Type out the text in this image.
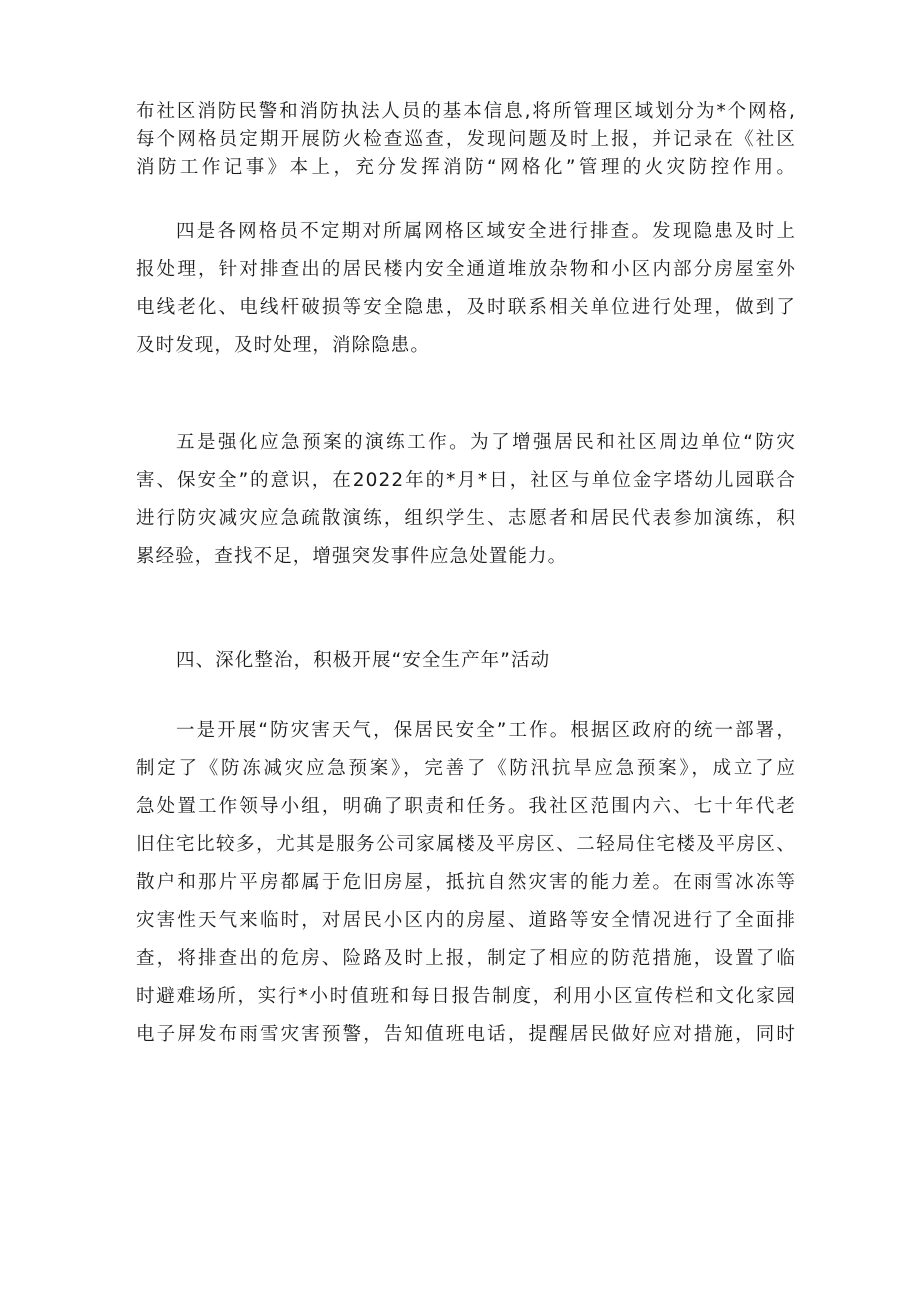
布社区消防民警和消防执法人员的基本信息,将所管理区域划分为*个网格,
每个网格员定期开展防火检查巡查，发现问题及时上报，并记录在《社区
消防工作记事》本上，充分发挥消防“网格化”管理的火灾防控作用。

四是各网格员不定期对所属网格区域安全进行排查。发现隐患及时上
报处理，针对排查出的居民楼内安全通道堆放杂物和小区内部分房屋室外
电线老化、电线杆破损等安全隐患，及时联系相关单位进行处理，做到了
及时发现，及时处理，消除隐患。

五是强化应急预案的演练工作。为了增强居民和社区周边单位“防灾
害、保安全”的意识，在2022年的*月*日，社区与单位金字塔幼儿园联合
进行防灾减灾应急疏散演练，组织学生、志愿者和居民代表参加演练，积
累经验，查找不足，增强突发事件应急处置能力。

四、深化整治，积极开展“安全生产年”活动

一是开展“防灾害天气，保居民安全”工作。根据区政府的统一部署，
制定了《防冻减灾应急预案》，完善了《防汛抗旱应急预案》，成立了应
急处置工作领导小组，明确了职责和任务。我社区范围内六、七十年代老
旧住宅比较多，尤其是服务公司家属楼及平房区、二轻局住宅楼及平房区、
散户和那片平房都属于危旧房屋，抵抗自然灾害的能力差。在雨雪冰冻等
灾害性天气来临时，对居民小区内的房屋、道路等安全情况进行了全面排
查，将排查出的危房、险路及时上报，制定了相应的防范措施，设置了临
时避难场所，实行*小时值班和每日报告制度，利用小区宣传栏和文化家园
电子屏发布雨雪灾害预警，告知值班电话，提醒居民做好应对措施，同时
